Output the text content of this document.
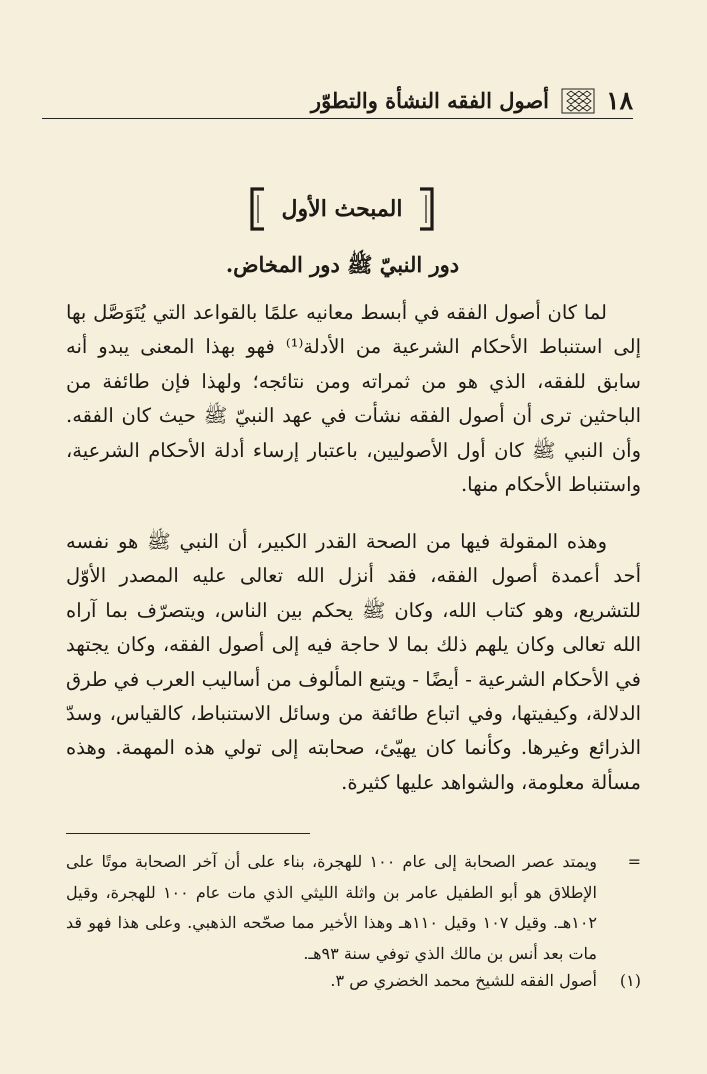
١٨
أصول الفقه النشأة والتطوّر
المبحث الأول
دور النبيّ ﷺ دور المخاض.

لما كان أصول الفقه في أبسط معانيه علمًا بالقواعد التي يُتَوَصَّل بها إلى استنباط الأحكام الشرعية من الأدلة⁽¹⁾ فهو بهذا المعنى يبدو أنه سابق للفقه، الذي هو من ثمراته ومن نتائجه؛ ولهذا فإن طائفة من الباحثين ترى أن أصول الفقه نشأت في عهد النبيّ ﷺ حيث كان الفقه. وأن النبي ﷺ كان أول الأصوليين، باعتبار إرساء أدلة الأحكام الشرعية، واستنباط الأحكام منها.

وهذه المقولة فيها من الصحة القدر الكبير، أن النبي ﷺ هو نفسه أحد أعمدة أصول الفقه، فقد أنزل الله تعالى عليه المصدر الأوّل للتشريع، وهو كتاب الله، وكان ﷺ يحكم بين الناس، ويتصرّف بما آراه الله تعالى وكان يلهم ذلك بما لا حاجة فيه إلى أصول الفقه، وكان يجتهد في الأحكام الشرعية - أيضًا - ويتبع المألوف من أساليب العرب في طرق الدلالة، وكيفيتها، وفي اتباع طائفة من وسائل الاستنباط، كالقياس، وسدّ الذرائع وغيرها. وكأنما كان يهيّئ، صحابته إلى تولي هذه المهمة. وهذه مسألة معلومة، والشواهد عليها كثيرة.

=
ويمتد عصر الصحابة إلى عام ١٠٠ للهجرة، بناء على أن آخر الصحابة موتًا على الإطلاق هو أبو الطفيل عامر بن واثلة الليثي الذي مات عام ١٠٠ للهجرة، وقيل ١٠٢هـ. وقيل ١٠٧ وقيل ١١٠هـ وهذا الأخير مما صحّحه الذهبي. وعلى هذا فهو قد مات بعد أنس بن مالك الذي توفي سنة ٩٣هـ.
(١)
أصول الفقه للشيخ محمد الخضري ص ٣.
